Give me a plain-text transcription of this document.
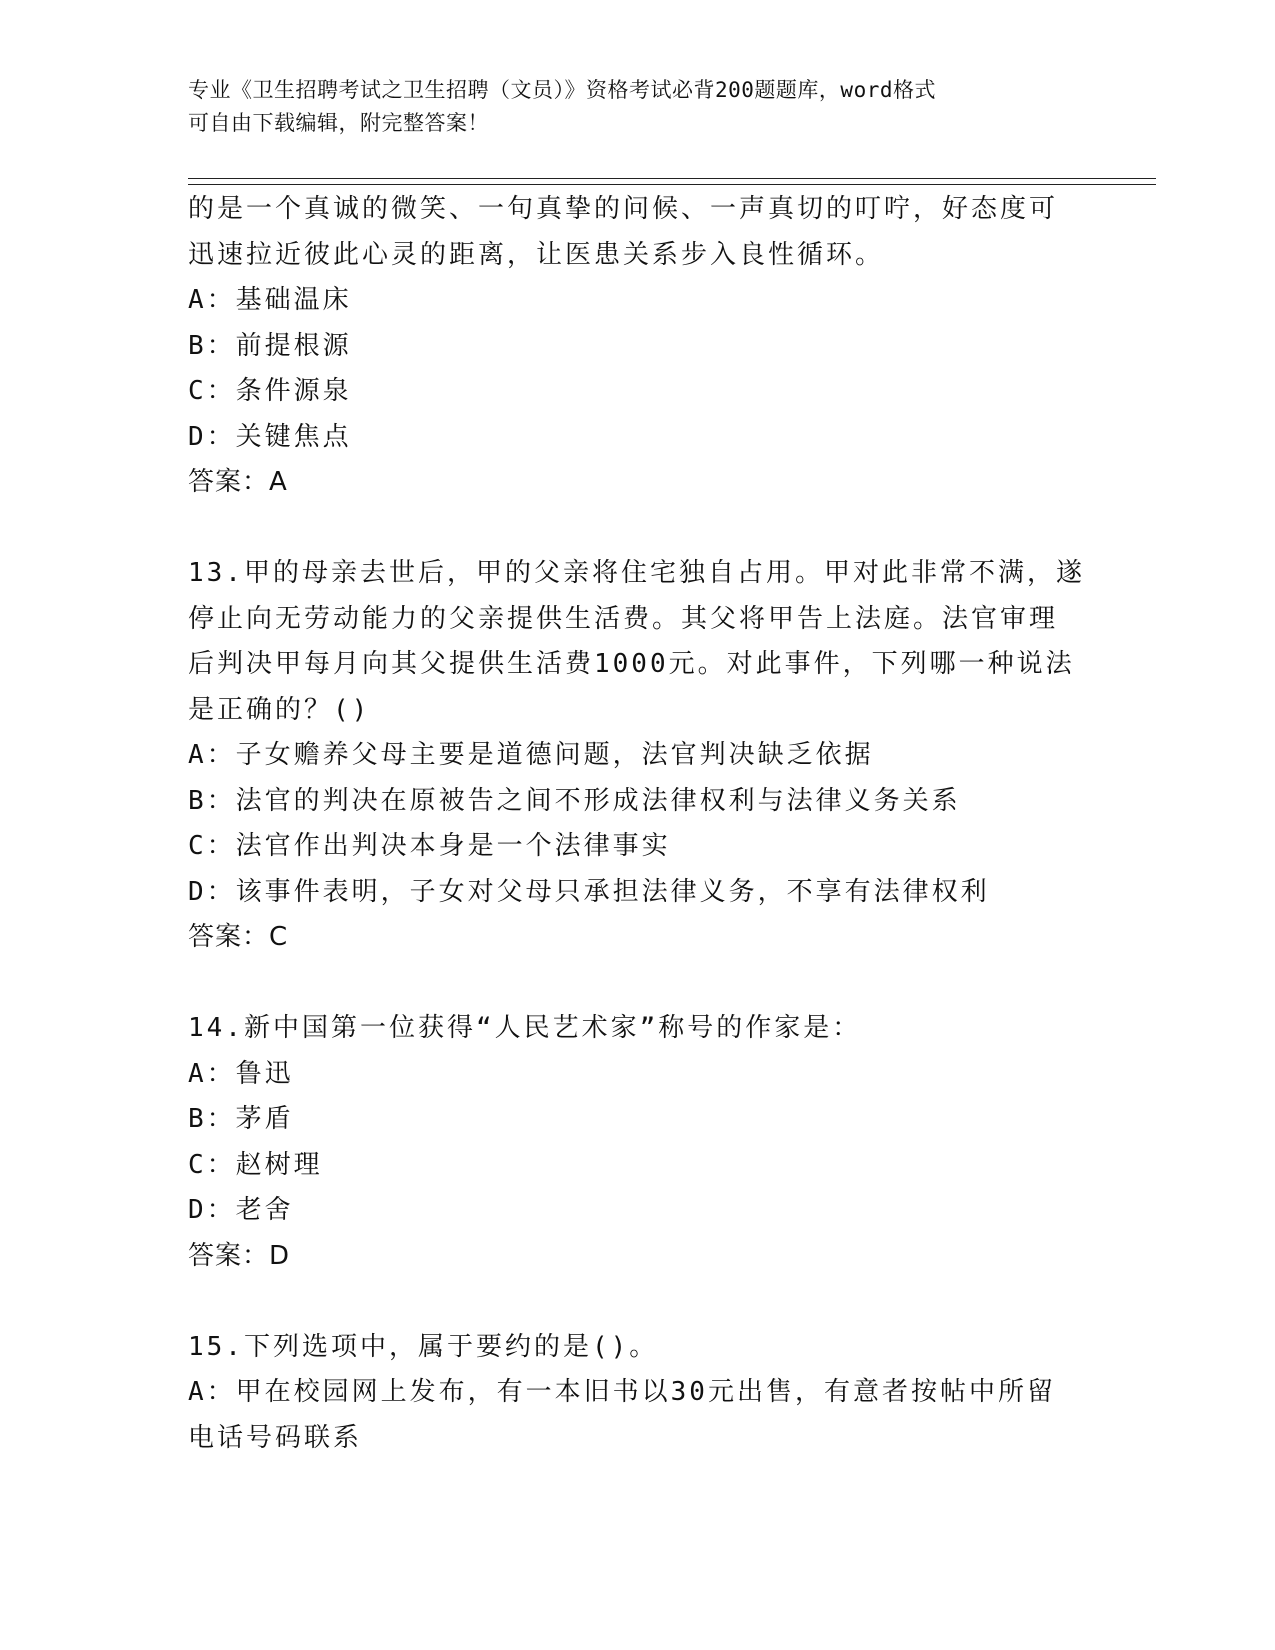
专业《卫生招聘考试之卫生招聘（文员）》资格考试必背200题题库，word格式
可自由下载编辑，附完整答案！
的是一个真诚的微笑、一句真挚的问候、一声真切的叮咛，好态度可
迅速拉近彼此心灵的距离，让医患关系步入良性循环。
A：基础温床
B：前提根源
C：条件源泉
D：关键焦点
答案：A
13.甲的母亲去世后，甲的父亲将住宅独自占用。甲对此非常不满，遂
停止向无劳动能力的父亲提供生活费。其父将甲告上法庭。法官审理
后判决甲每月向其父提供生活费1000元。对此事件，下列哪一种说法
是正确的？()
A：子女赡养父母主要是道德问题，法官判决缺乏依据
B：法官的判决在原被告之间不形成法律权利与法律义务关系
C：法官作出判决本身是一个法律事实
D：该事件表明，子女对父母只承担法律义务，不享有法律权利
答案：C
14.新中国第一位获得“人民艺术家”称号的作家是：
A：鲁迅
B：茅盾
C：赵树理
D：老舍
答案：D
15.下列选项中，属于要约的是()。
A：甲在校园网上发布，有一本旧书以30元出售，有意者按帖中所留
电话号码联系
